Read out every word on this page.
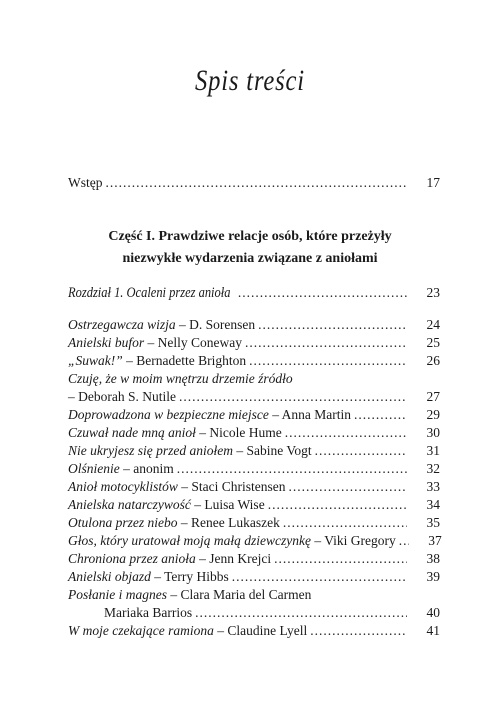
Spis treści
Wstęp .....	17
Część I. Prawdziwe relacje osób, które przeżyły
niezwykłe wydarzenia związane z aniołami
Rozdział 1. Ocaleni przez anioła .....	23
Ostrzegawcza wizja – D. Sorensen .....	24
Anielski bufor – Nelly Coneway .....	25
„Suwak!” – Bernadette Brighton .....	26
Czuję, że w moim wnętrzu drzemie źródło
– Deborah S. Nutile .....	27
Doprowadzona w bezpieczne miejsce – Anna Martin .....	29
Czuwał nade mną anioł – Nicole Hume .....	30
Nie ukryjesz się przed aniołem – Sabine Vogt .....	31
Olśnienie – anonim .....	32
Anioł motocyklistów – Staci Christensen .....	33
Anielska natarczywość – Luisa Wise .....	34
Otulona przez niebo – Renee Lukaszek .....	35
Głos, który uratował moją małą dziewczynkę – Viki Gregory .....	37
Chroniona przez anioła – Jenn Krejci .....	38
Anielski objazd – Terry Hibbs .....	39
Posłanie i magnes – Clara Maria del Carmen
Mariaka Barrios .....	40
W moje czekające ramiona – Claudine Lyell .....	41
